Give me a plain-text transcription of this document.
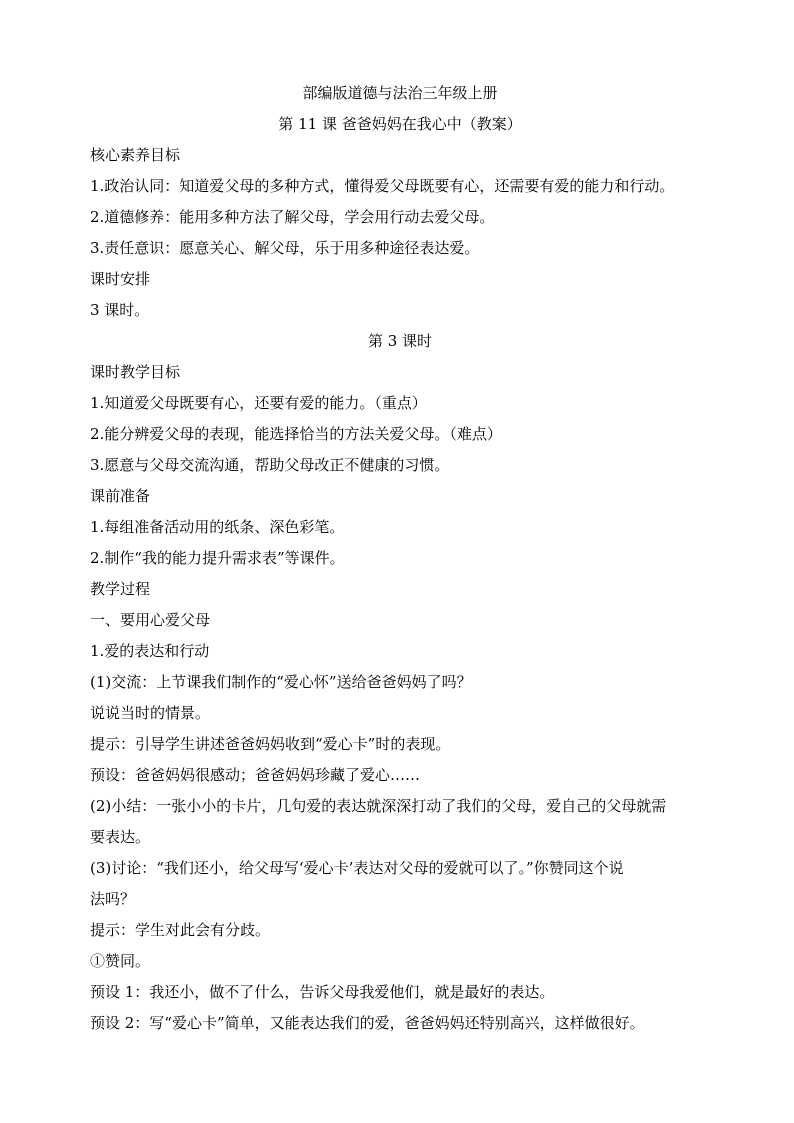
部编版道德与法治三年级上册
第 11 课 爸爸妈妈在我心中（教案）
核心素养目标
1.政治认同：知道爱父母的多种方式，懂得爱父母既要有心，还需要有爱的能力和行动。
2.道德修养：能用多种方法了解父母，学会用行动去爱父母。
3.责任意识：愿意关心、解父母，乐于用多种途径表达爱。
课时安排
3 课时。
第 3 课时
课时教学目标
1.知道爱父母既要有心，还要有爱的能力。（重点）
2.能分辨爱父母的表现，能选择恰当的方法关爱父母。（难点）
3.愿意与父母交流沟通，帮助父母改正不健康的习惯。
课前准备
1.每组准备活动用的纸条、深色彩笔。
2.制作“我的能力提升需求表”等课件。
教学过程
一、要用心爱父母
1.爱的表达和行动
(1)交流：上节课我们制作的“爱心怀”送给爸爸妈妈了吗？
说说当时的情景。
提示：引导学生讲述爸爸妈妈收到“爱心卡”时的表现。
预设：爸爸妈妈很感动；爸爸妈妈珍藏了爱心……
(2)小结：一张小小的卡片，几句爱的表达就深深打动了我们的父母，爱自己的父母就需
要表达。
(3)讨论：“我们还小，给父母写‘爱心卡’表达对父母的爱就可以了。”你赞同这个说
法吗？
提示：学生对此会有分歧。
①赞同。
预设 1：我还小，做不了什么，告诉父母我爱他们，就是最好的表达。
预设 2：写“爱心卡”简单，又能表达我们的爱，爸爸妈妈还特别高兴，这样做很好。
